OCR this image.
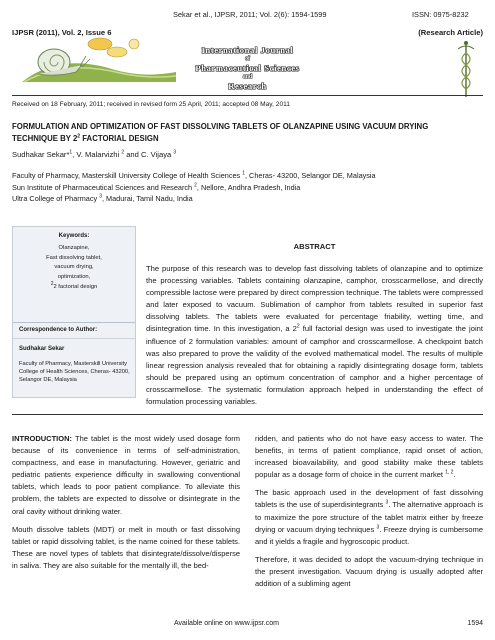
Sekar et al., IJPSR, 2011; Vol. 2(6): 1594-1599	ISSN: 0975-8232
IJPSR (2011), Vol. 2, Issue 6	(Research Article)
International Journal
of
Pharmaceutical Sciences
and
Research
Received on 18 February, 2011; received in revised form 25 April, 2011; accepted 08 May, 2011
FORMULATION AND OPTIMIZATION OF FAST DISSOLVING TABLETS OF OLANZAPINE USING VACUUM DRYING
TECHNIQUE BY $2^2$ FACTORIAL DESIGN
Sudhakar Sekar*$^1$, V. Malarvizhi $^2$ and C. Vijaya $^3$
Faculty of Pharmacy, Masterskill University College of Health Sciences $^1$, Cheras- 43200, Selangor DE, Malaysia
Sun Institute of Pharmaceutical Sciences and Research $^2$, Nellore, Andhra Pradesh, India
Ultra College of Pharmacy $^3$, Madurai, Tamil Nadu, India
Keywords:
Olanzapine,
Fast dissolving tablet,
vacuum drying,
optimization,
$^2$2 factorial design
Correspondence to Author:
Sudhakar Sekar
Faculty of Pharmacy, Masterskill University College of Health Sciences, Cheras- 43200, Selangor DE, Malaysia
ABSTRACT
The purpose of this research was to develop fast dissolving tablets of olanzapine and to optimize the processing variables. Tablets containing olanzapine, camphor, crosscarmellose, and directly compressible lactose were prepared by direct compression technique. The tablets were compressed and later exposed to vacuum. Sublimation of camphor from tablets resulted in superior fast dissolving tablets. The tablets were evaluated for percentage friability, wetting time, and disintegration time. In this investigation, a $2^2$ full factorial design was used to investigate the joint influence of 2 formulation variables: amount of camphor and crosscarmellose. A checkpoint batch was also prepared to prove the validity of the evolved mathematical model. The results of multiple linear regression analysis revealed that for obtaining a rapidly disintegrating dosage form, tablets should be prepared using an optimum concentration of camphor and a higher percentage of crosscarmellose. The systematic formulation approach helped in understanding the effect of formulation processing variables.

INTRODUCTION: The tablet is the most widely used dosage form because of its convenience in terms of self-administration, compactness, and ease in manufacturing. However, geriatric and pediatric patients experience difficulty in swallowing conventional tablets, which leads to poor patient compliance. To alleviate this problem, the tablets are expected to dissolve or disintegrate in the oral cavity without drinking water.

Mouth dissolve tablets (MDT) or melt in mouth or fast dissolving tablet or rapid dissolving tablet, is the name coined for these tablets. These are novel types of tablets that disintegrate/dissolve/disperse in saliva. They are also suitable for the mentally ill, the bed-

ridden, and patients who do not have easy access to water. The benefits, in terms of patient compliance, rapid onset of action, increased bioavailability, and good stability make these tablets popular as a dosage form of choice in the current market $^{1, 2}$.

The basic approach used in the development of fast dissolving tablets is the use of superdisintegrants $^3$. The alternative approach is to maximize the pore structure of the tablet matrix either by freeze drying or vacuum drying techniques $^3$. Freeze drying is cumbersome and it yields a fragile and hygroscopic product.

Therefore, it was decided to adopt the vacuum-drying technique in the present investigation. Vacuum drying is usually adopted after addition of a subliming agent

Available online on www.ijpsr.com	1594
